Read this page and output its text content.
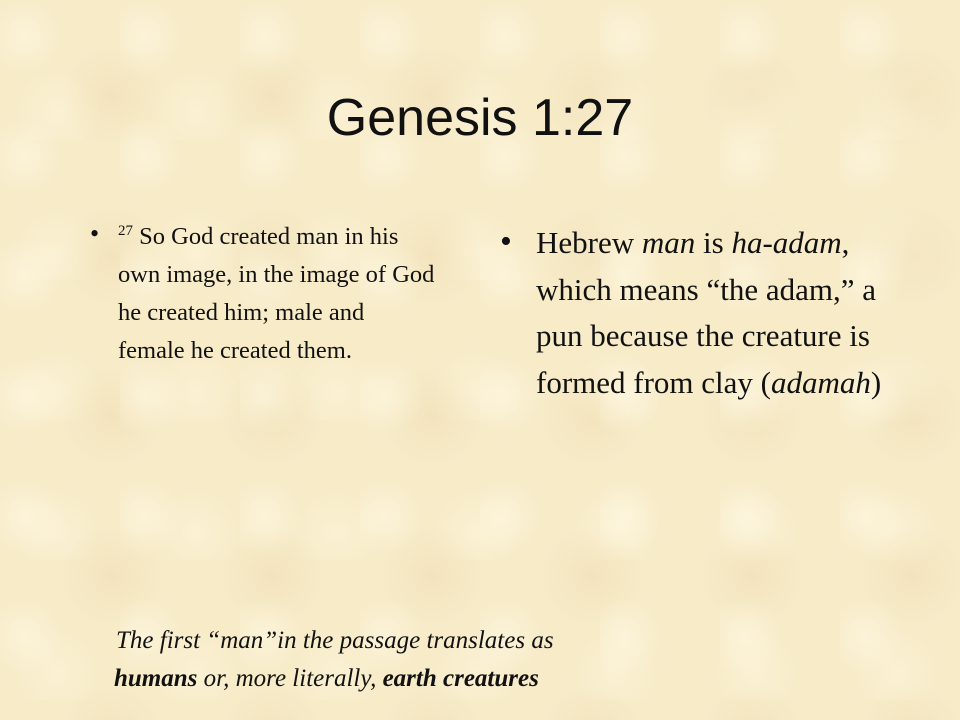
Genesis 1:27
•	$^{27}$ So God created man in his own image, in the image of God he created him; male and female he created them.
• Hebrew man is ha-adam, which means “the adam,” a pun because the creature is formed from clay (adamah)
The first “man”in the passage translates as
humans or, more literally, earth creatures
